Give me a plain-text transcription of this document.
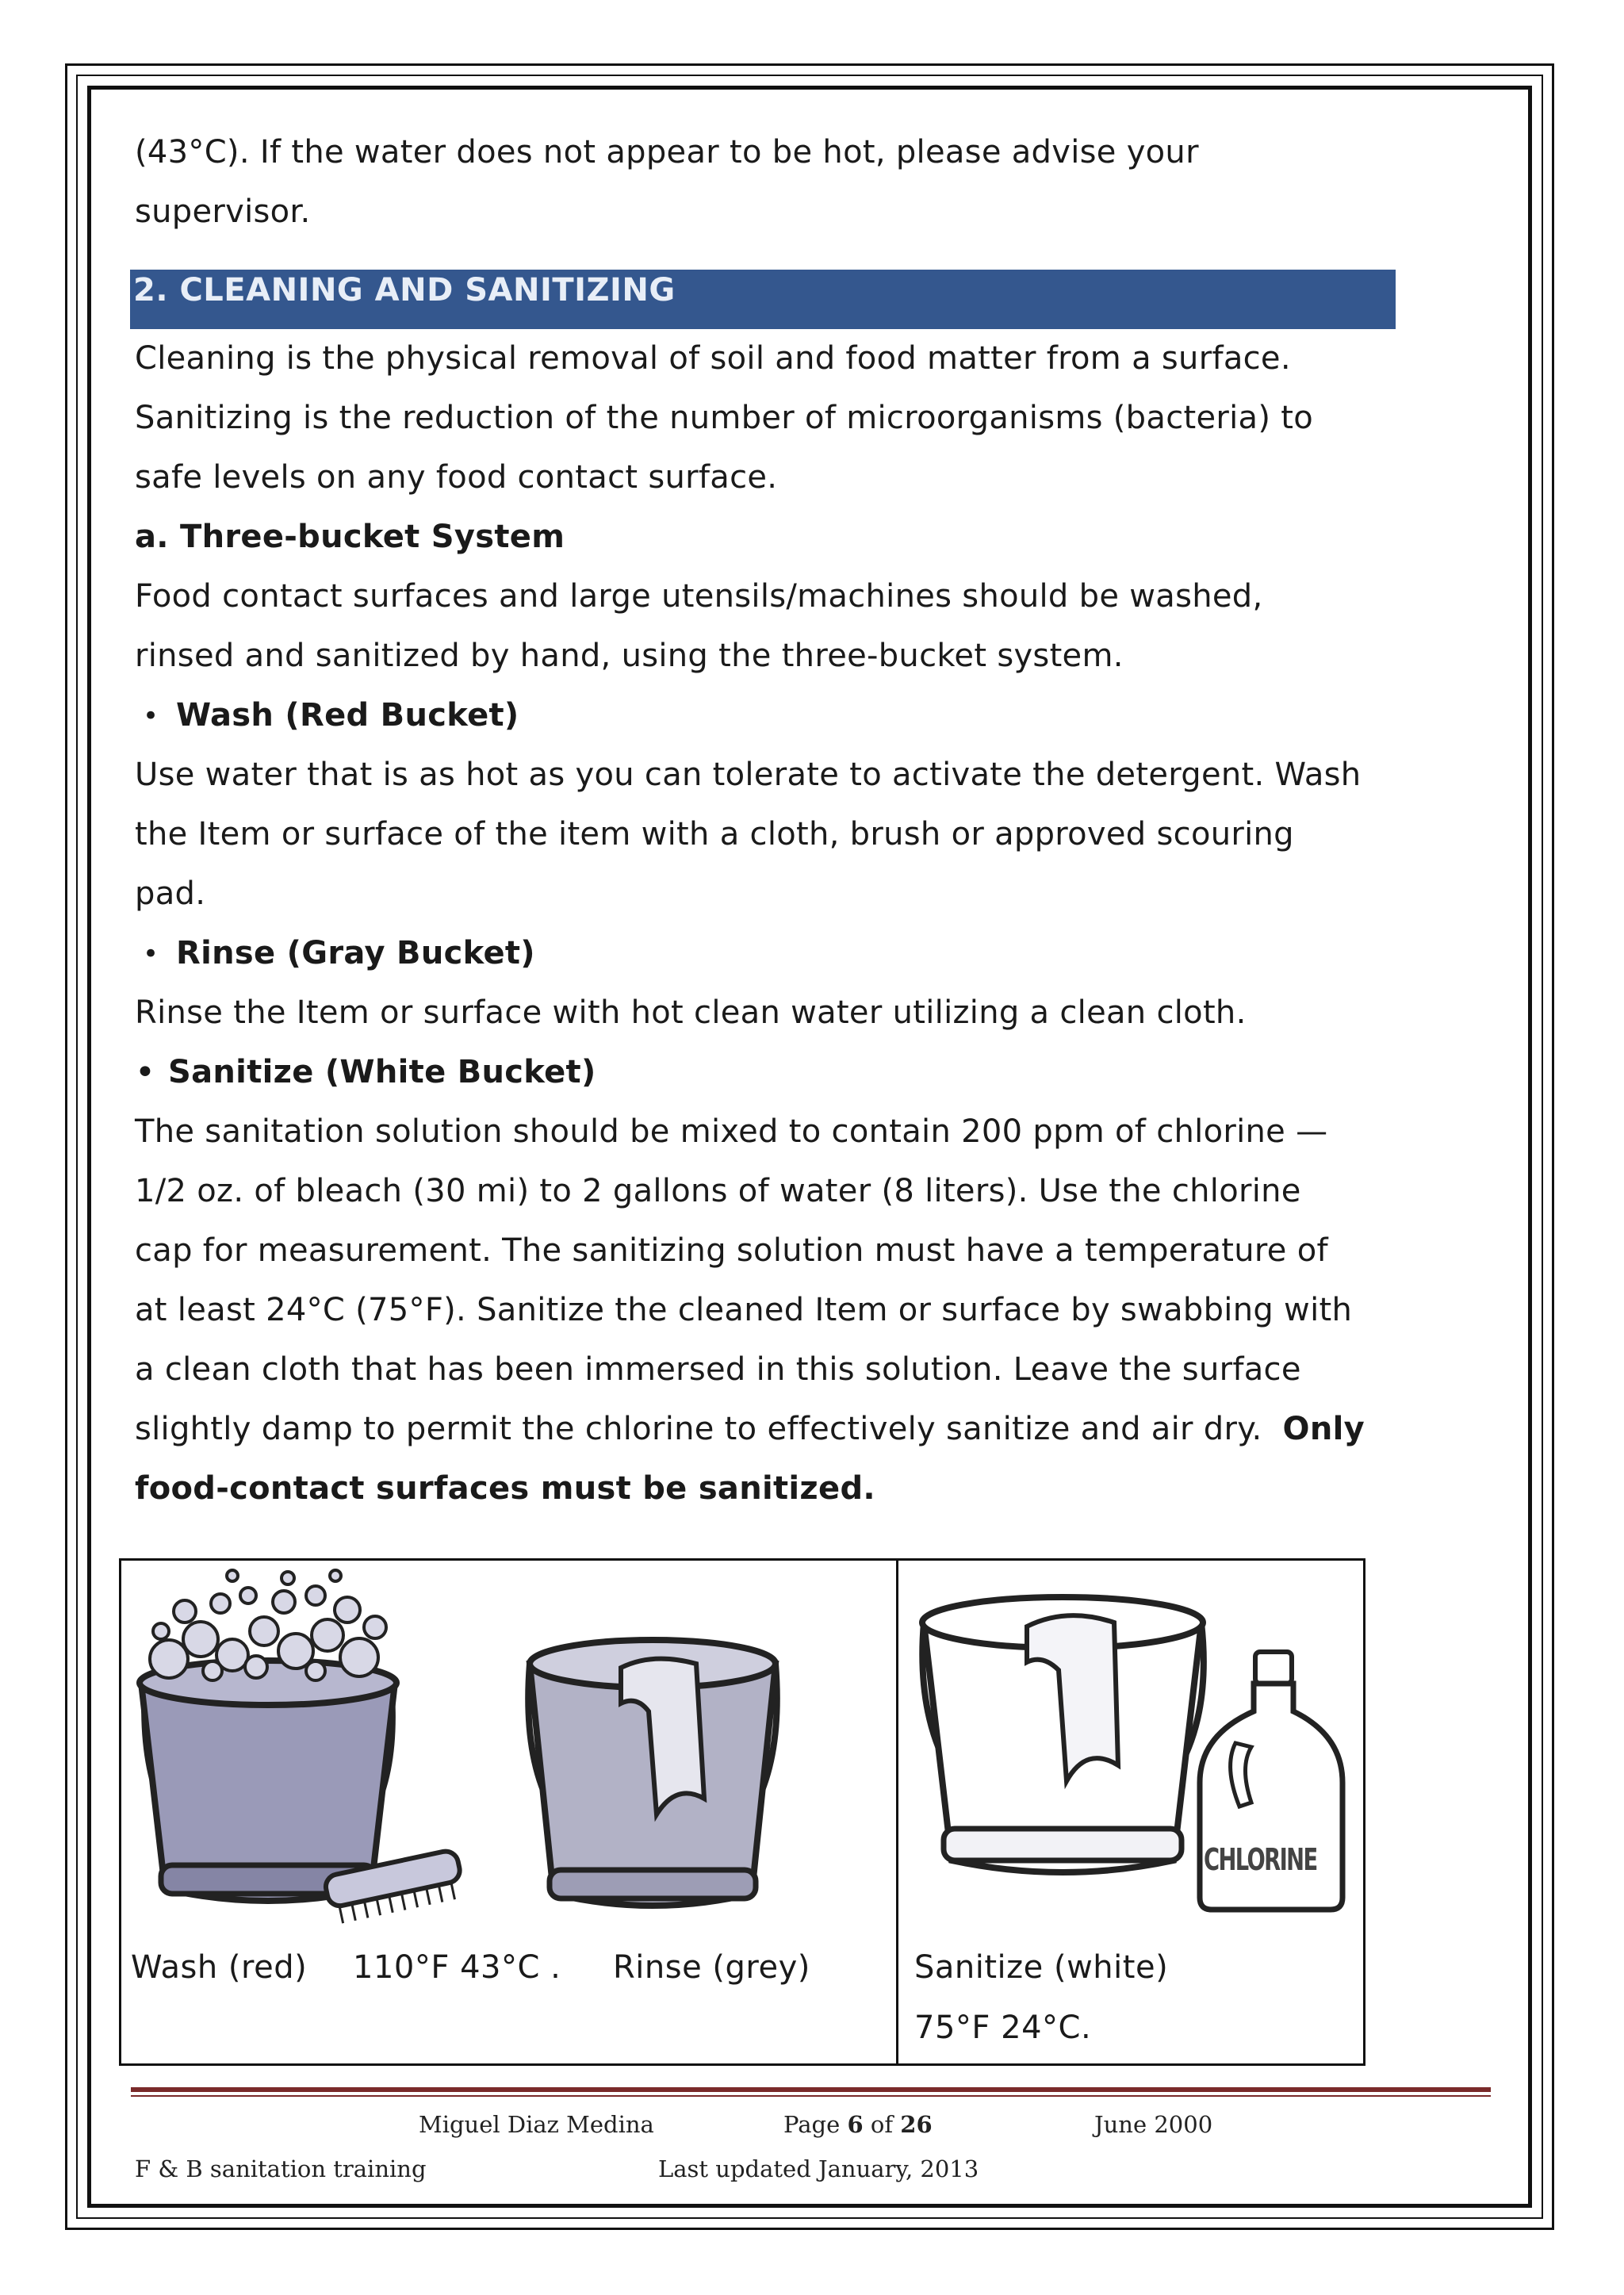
(43°C). If the water does not appear to be hot, please advise your

supervisor.

2. CLEANING AND SANITIZING

Cleaning is the physical removal of soil and food matter from a surface.

Sanitizing is the reduction of the number of microorganisms (bacteria) to

safe levels on any food contact surface.

a. Three-bucket System

Food contact surfaces and large utensils/machines should be washed,

rinsed and sanitized by hand, using the three-bucket system.

• Wash (Red Bucket)

Use water that is as hot as you can tolerate to activate the detergent. Wash

the Item or surface of the item with a cloth, brush or approved scouring

pad.

• Rinse (Gray Bucket)

Rinse the Item or surface with hot clean water utilizing a clean cloth.

• Sanitize (White Bucket)

The sanitation solution should be mixed to contain 200 ppm of chlorine —

1/2 oz. of bleach (30 mi) to 2 gallons of water (8 liters). Use the chlorine

cap for measurement. The sanitizing solution must have a temperature of

at least 24°C (75°F). Sanitize the cleaned Item or surface by swabbing with

a clean cloth that has been immersed in this solution. Leave the surface

slightly damp to permit the chlorine to effectively sanitize and air dry. Only

food-contact surfaces must be sanitized.

Wash (red) 110°F 43°C . Rinse (grey)
CHLORINE
Sanitize (white)
75°F 24°C.
Miguel Diaz Medina	Page 6 of 26	June 2000
F & B sanitation training	Last updated January, 2013
